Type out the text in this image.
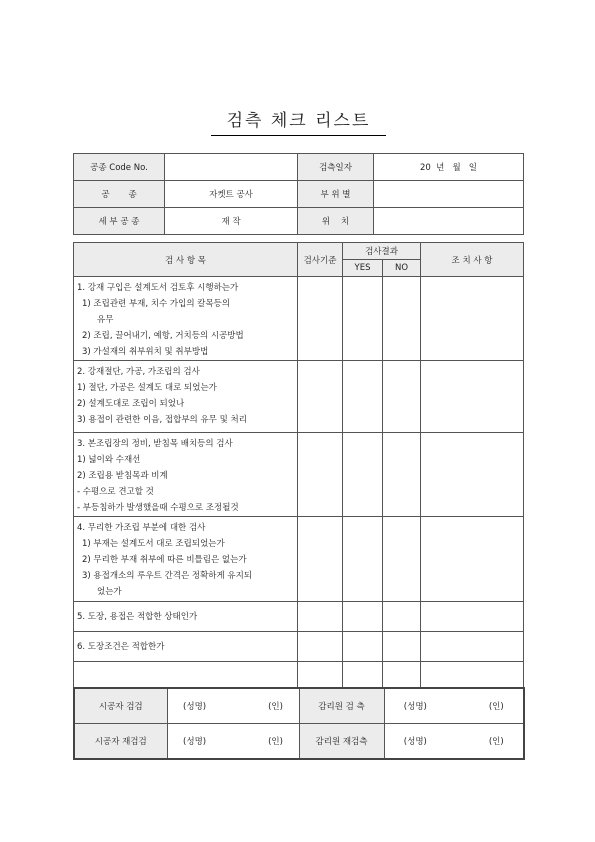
검측 체크 리스트
공종 Code No.		검측일자	20  년   월   일
공       종	자켓트 공사	부 위 별	
세 부 공 종	재 작	위    치	
검 사 항 목	검사기준	검사결과		조 치 사 항
		YES	NO	

1. 강재 구입은 설계도서 검토후 시행하는가
1) 조립관련 부재, 치수 가입의 칼목등의
유무
2) 조립, 끌어내기, 예항, 거치등의 시공방법
3) 가설재의 취부위치 및 취부방법				

2. 강재절단, 가공, 가조립의 검사
1) 절단, 가공은 설계도 대로 되었는가
2) 설계도대로 조립이 되었나
3) 용접이 관련한 이음, 접합부의 유무 및 처리				

3. 본조립장의 정비, 받침목 배치등의 검사
1) 넓이와 수재선
2) 조립용 받침목과 비계
- 수평으로 견고할 것
- 부등침하가 발생했을때 수평으로 조정될것				

4. 무리한 가조립 부분에 대한 검사
1) 부재는 설계도서 대로 조립되었는가
2) 무리한 부재 취부에 따른 비틀림은 없는가
3) 용접개소의 루우트 간격은 정확하게 유지되
었는가				

5. 도장, 용접은 적합한 상태인가				

6. 도장조건은 적합한가				

시공자 검검	(성명) (인)	감리원 검 측	(성명) (인)
시공자 재검검	(성명) (인)	감리원 재검측	(성명) (인)
